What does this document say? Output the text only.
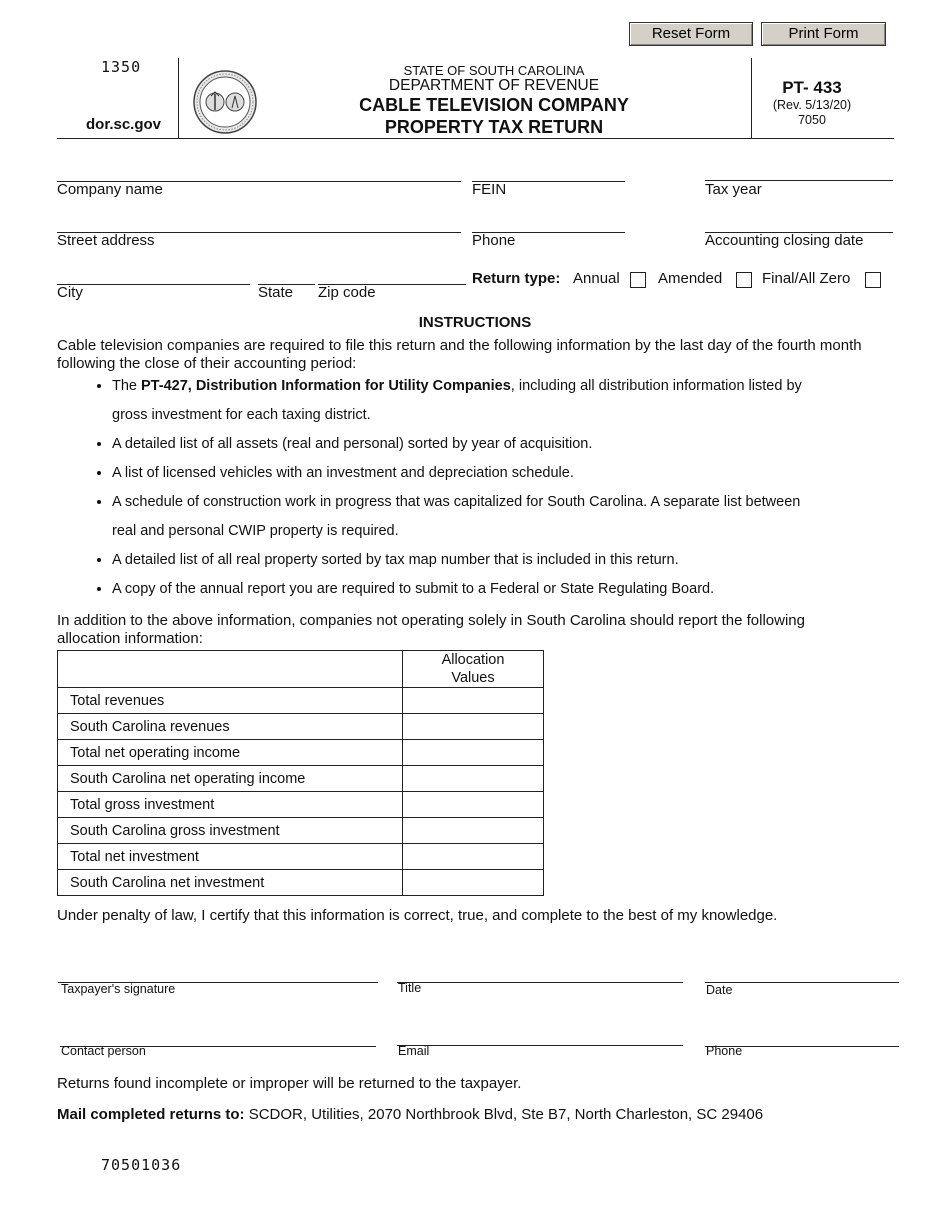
Reset Form	Print Form
1350
dor.sc.gov
STATE OF SOUTH CAROLINA
DEPARTMENT OF REVENUE
CABLE TELEVISION COMPANY
PROPERTY TAX RETURN
PT- 433
(Rev. 5/13/20)
7050
Company name	FEIN	Tax year
Street address	Phone	Accounting closing date
City	State Zip code
Return type: Annual	Amended	Final/All Zero
INSTRUCTIONS
Cable television companies are required to file this return and the following information by the last day of the fourth month following the close of their accounting period:
• The PT-427, Distribution Information for Utility Companies, including all distribution information listed by gross investment for each taxing district.
• A detailed list of all assets (real and personal) sorted by year of acquisition.
• A list of licensed vehicles with an investment and depreciation schedule.
• A schedule of construction work in progress that was capitalized for South Carolina. A separate list between real and personal CWIP property is required.
• A detailed list of all real property sorted by tax map number that is included in this return.
• A copy of the annual report you are required to submit to a Federal or State Regulating Board.
In addition to the above information, companies not operating solely in South Carolina should report the following allocation information:
	Allocation
Values
Total revenues	
South Carolina revenues	
Total net operating income	
South Carolina net operating income	
Total gross investment	
South Carolina gross investment	
Total net investment	
South Carolina net investment	
Under penalty of law, I certify that this information is correct, true, and complete to the best of my knowledge.
Taxpayer's signature	Title	Date
Contact person	Email	Phone
Returns found incomplete or improper will be returned to the taxpayer.
Mail completed returns to: SCDOR, Utilities, 2070 Northbrook Blvd, Ste B7, North Charleston, SC 29406
70501036
